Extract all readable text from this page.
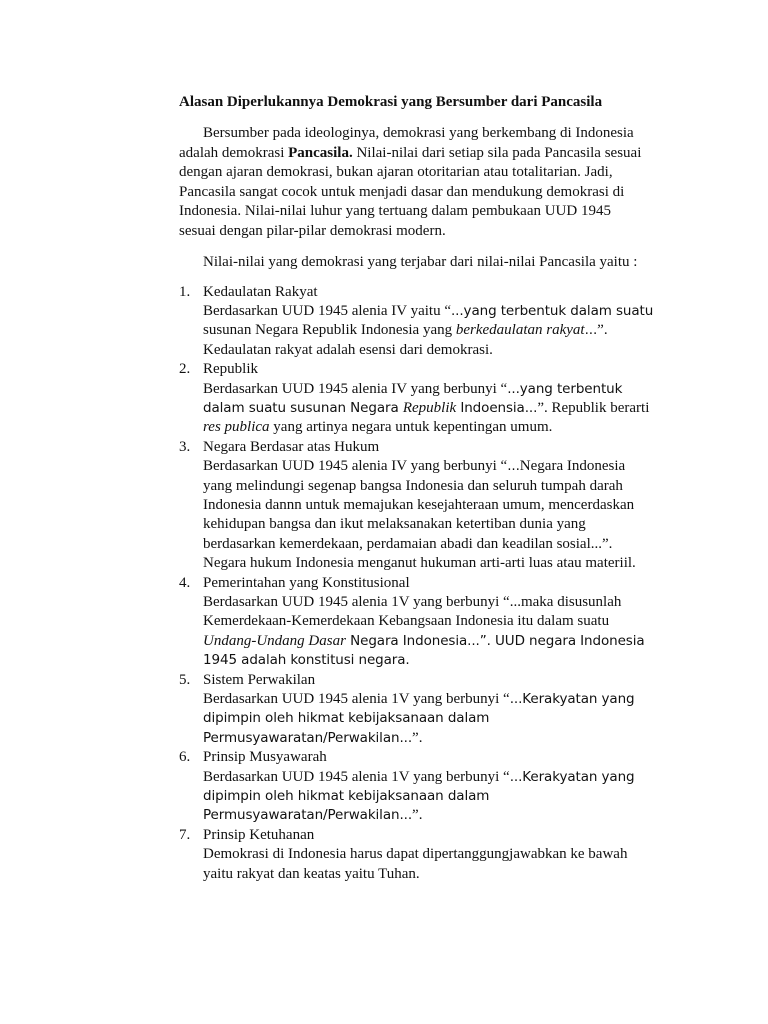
Alasan Diperlukannya Demokrasi yang Bersumber dari Pancasila

Bersumber pada ideologinya, demokrasi yang berkembang di Indonesia adalah demokrasi Pancasila. Nilai-nilai dari setiap sila pada Pancasila sesuai dengan ajaran demokrasi, bukan ajaran otoritarian atau totalitarian. Jadi, Pancasila sangat cocok untuk menjadi dasar dan mendukung demokrasi di Indonesia. Nilai-nilai luhur yang tertuang dalam pembukaan UUD 1945 sesuai dengan pilar-pilar demokrasi modern.

Nilai-nilai yang demokrasi yang terjabar dari nilai-nilai Pancasila yaitu :

1. Kedaulatan Rakyat
Berdasarkan UUD 1945 alenia IV yaitu “...yang terbentuk dalam suatu susunan Negara Republik Indonesia yang berkedaulatan rakyat...”. Kedaulatan rakyat adalah esensi dari demokrasi.
2. Republik
Berdasarkan UUD 1945 alenia IV yang berbunyi “...yang terbentuk dalam suatu susunan Negara Republik Indoensia...”. Republik berarti res publica yang artinya negara untuk kepentingan umum.
3. Negara Berdasar atas Hukum
Berdasarkan UUD 1945 alenia IV yang berbunyi “...Negara Indonesia yang melindungi segenap bangsa Indonesia dan seluruh tumpah darah Indonesia dannn untuk memajukan kesejahteraan umum, mencerdaskan kehidupan bangsa dan ikut melaksanakan ketertiban dunia yang berdasarkan kemerdekaan, perdamaian abadi dan keadilan sosial...”. Negara hukum Indonesia menganut hukuman arti-arti luas atau materiil.
4. Pemerintahan yang Konstitusional
Berdasarkan UUD 1945 alenia 1V yang berbunyi “...maka disusunlah Kemerdekaan-Kemerdekaan Kebangsaan Indonesia itu dalam suatu Undang-Undang Dasar Negara Indonesia...”. UUD negara Indonesia 1945 adalah konstitusi negara.
5. Sistem Perwakilan
Berdasarkan UUD 1945 alenia 1V yang berbunyi “...Kerakyatan yang dipimpin oleh hikmat kebijaksanaan dalam Permusyawaratan/Perwakilan...”.
6. Prinsip Musyawarah
Berdasarkan UUD 1945 alenia 1V yang berbunyi “...Kerakyatan yang dipimpin oleh hikmat kebijaksanaan dalam Permusyawaratan/Perwakilan...”.
7. Prinsip Ketuhanan
Demokrasi di Indonesia harus dapat dipertanggungjawabkan ke bawah yaitu rakyat dan keatas yaitu Tuhan.
